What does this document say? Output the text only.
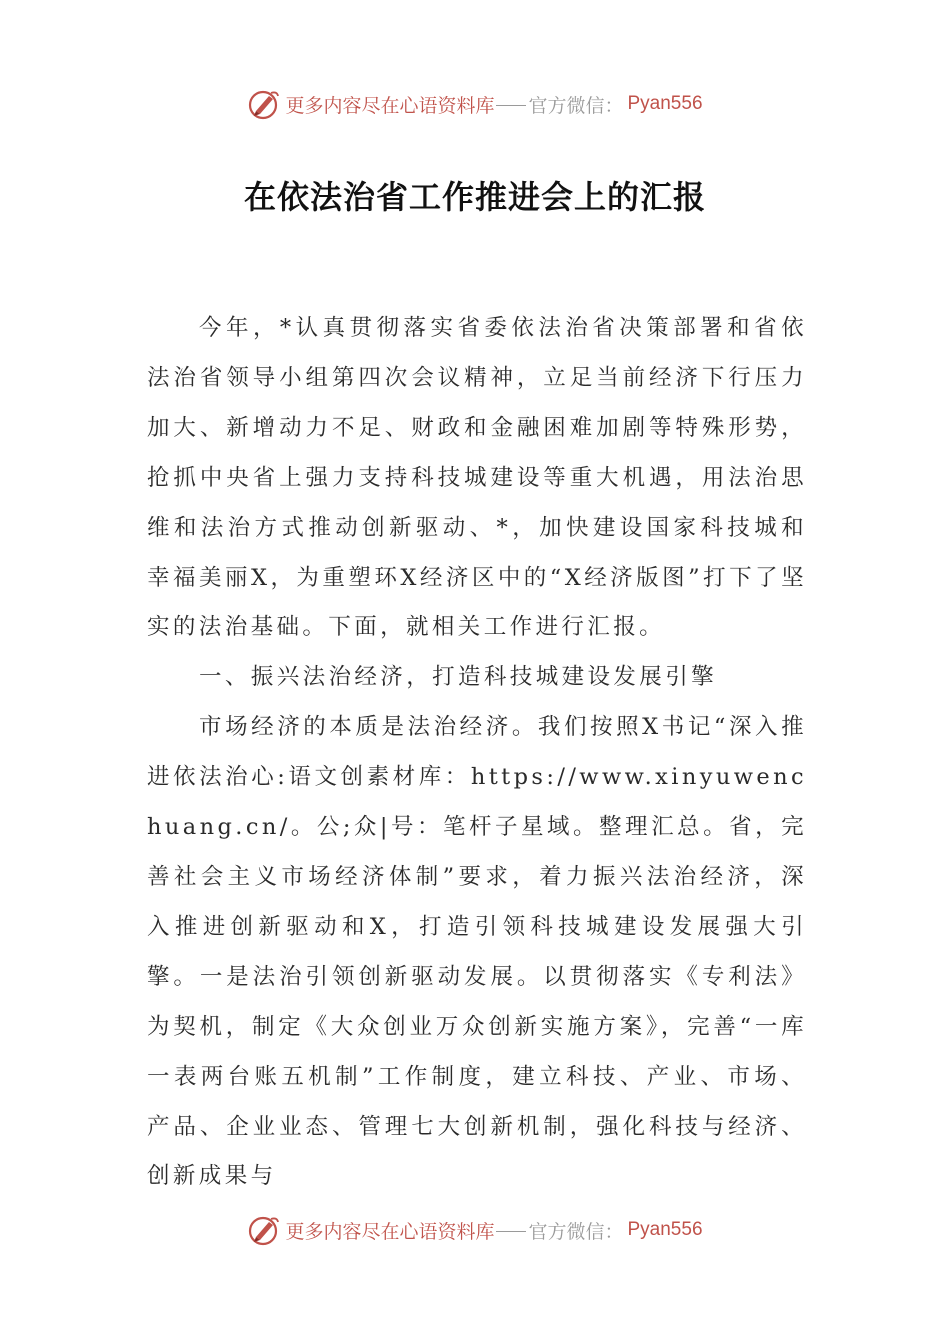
更多内容尽在心语资料库 官方微信： Pyan556
在依法治省工作推进会上的汇报

今年，*认真贯彻落实省委依法治省决策部署和省依法治省领导小组第四次会议精神，立足当前经济下行压力加大、新增动力不足、财政和金融困难加剧等特殊形势，抢抓中央省上强力支持科技城建设等重大机遇，用法治思维和法治方式推动创新驱动、*，加快建设国家科技城和幸福美丽X，为重塑环X经济区中的“X经济版图”打下了坚实的法治基础。下面，就相关工作进行汇报。

一、振兴法治经济，打造科技城建设发展引擎

市场经济的本质是法治经济。我们按照X书记“深入推进依法治心:语文创素材库：https://www.xinyuwenchuang.cn/。公;众|号：笔杆子星域。整理汇总。省，完善社会主义市场经济体制”要求，着力振兴法治经济，深入推进创新驱动和X，打造引领科技城建设发展强大引擎。一是法治引领创新驱动发展。以贯彻落实《专利法》为契机，制定《大众创业万众创新实施方案》，完善“一库一表两台账五机制”工作制度，建立科技、产业、市场、产品、企业业态、管理七大创新机制，强化科技与经济、创新成果与

更多内容尽在心语资料库 官方微信： Pyan556
